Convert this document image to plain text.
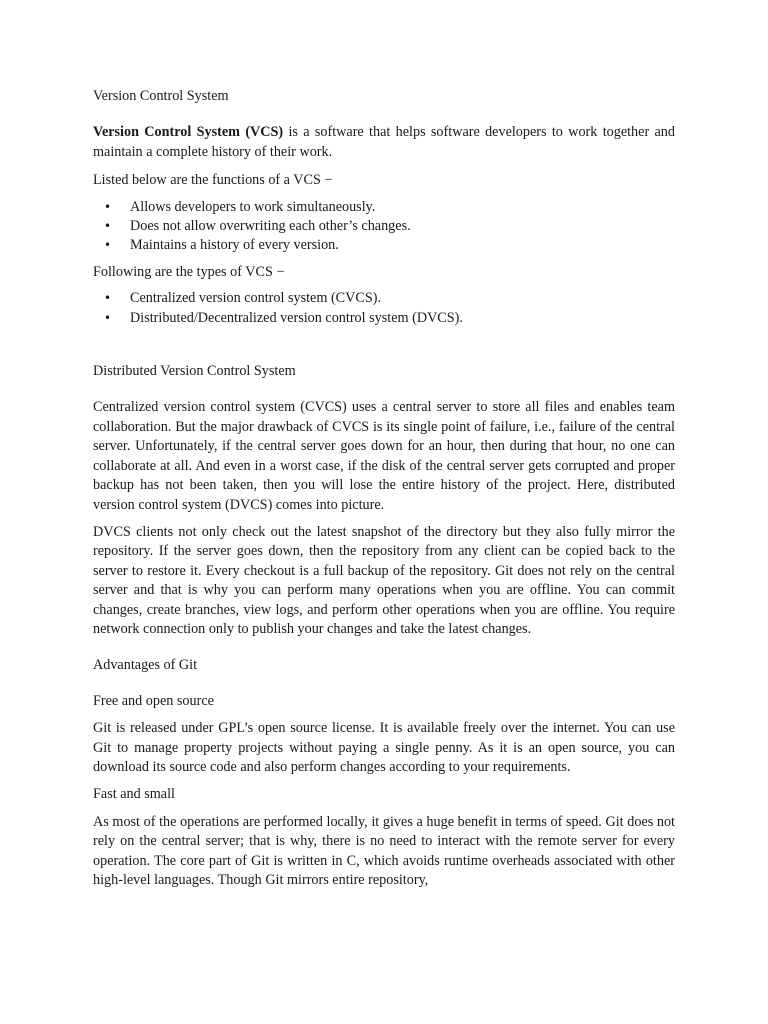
Version Control System

Version Control System (VCS) is a software that helps software developers to work together and maintain a complete history of their work.

Listed below are the functions of a VCS −

• Allows developers to work simultaneously.
• Does not allow overwriting each other’s changes.
• Maintains a history of every version.

Following are the types of VCS −

• Centralized version control system (CVCS).
• Distributed/Decentralized version control system (DVCS).

Distributed Version Control System

Centralized version control system (CVCS) uses a central server to store all files and enables team collaboration. But the major drawback of CVCS is its single point of failure, i.e., failure of the central server. Unfortunately, if the central server goes down for an hour, then during that hour, no one can collaborate at all. And even in a worst case, if the disk of the central server gets corrupted and proper backup has not been taken, then you will lose the entire history of the project. Here, distributed version control system (DVCS) comes into picture.

DVCS clients not only check out the latest snapshot of the directory but they also fully mirror the repository. If the server goes down, then the repository from any client can be copied back to the server to restore it. Every checkout is a full backup of the repository. Git does not rely on the central server and that is why you can perform many operations when you are offline. You can commit changes, create branches, view logs, and perform other operations when you are offline. You require network connection only to publish your changes and take the latest changes.

Advantages of Git

Free and open source

Git is released under GPL’s open source license. It is available freely over the internet. You can use Git to manage property projects without paying a single penny. As it is an open source, you can download its source code and also perform changes according to your requirements.

Fast and small

As most of the operations are performed locally, it gives a huge benefit in terms of speed. Git does not rely on the central server; that is why, there is no need to interact with the remote server for every operation. The core part of Git is written in C, which avoids runtime overheads associated with other high-level languages. Though Git mirrors entire repository,
